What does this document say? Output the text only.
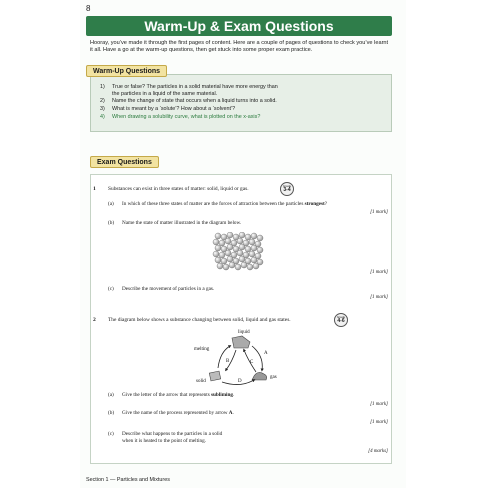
8
Warm-Up & Exam Questions
Hooray, you’ve made it through the first pages of content. Here are a couple of pages of questions to check you’ve learnt it all. Have a go at the warm-up questions, then get stuck into some proper exam practice.
Warm-Up Questions
1)	True or false? The particles in a solid material have more energy than the particles in a liquid of the same material.
2)	Name the change of state that occurs when a liquid turns into a solid.
3)	What is meant by a ‘solute’? How about a ‘solvent’?
4)	When drawing a solubility curve, what is plotted on the x-axis?
Exam Questions
1 Substances can exist in three states of matter: solid, liquid or gas.	Grade
3-4
(a) In which of these three states of matter are the forces of attraction between the particles strongest?
[1 mark]
(b) Name the state of matter illustrated in the diagram below.
[1 mark]
(c) Describe the movement of particles in a gas.
[1 mark]
2 The diagram below shows a substance changing between solid, liquid and gas states.	Grade
4-6
liquid
melting
solid
gas
A
B	C
D
(a) Give the letter of the arrow that represents subliming.
[1 mark]
(b) Give the name of the process represented by arrow A.
[1 mark]
(c) Describe what happens to the particles in a solid
when it is heated to the point of melting.
[4 marks]
Section 1 — Particles and Mixtures
